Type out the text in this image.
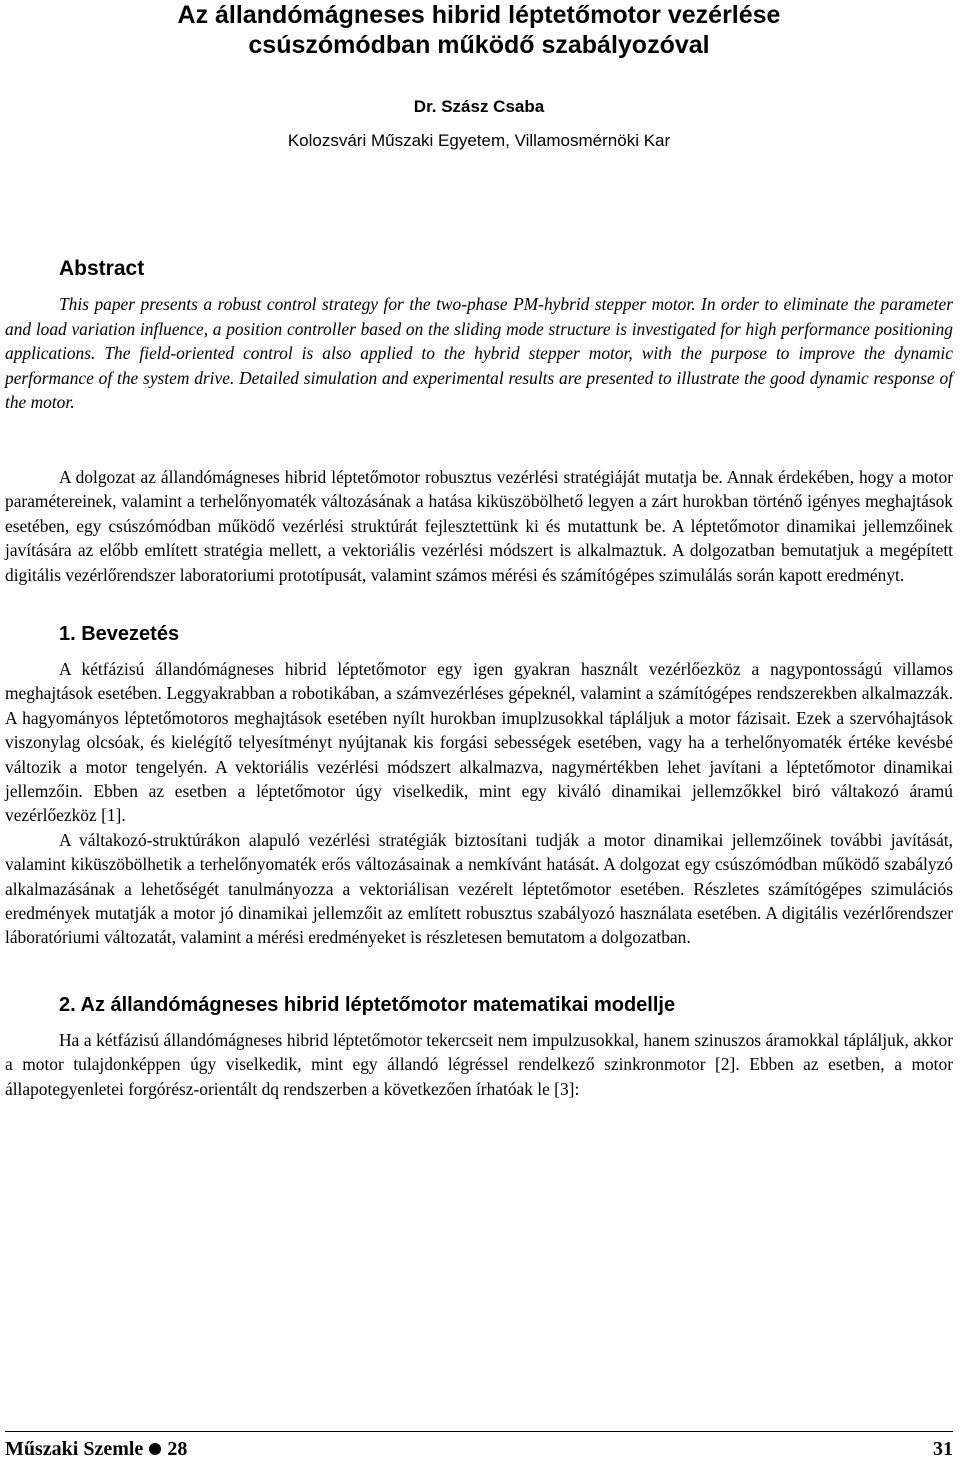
Az állandómágneses hibrid léptetőmotor vezérlése
csúszómódban működő szabályozóval
Dr. Szász Csaba
Kolozsvári Műszaki Egyetem, Villamosmérnöki Kar
Abstract

This paper presents a robust control strategy for the two-phase PM-hybrid stepper motor. In order to eliminate the parameter and load variation influence, a position controller based on the sliding mode structure is investigated for high performance positioning applications. The field-oriented control is also applied to the hybrid stepper motor, with the purpose to improve the dynamic performance of the system drive. Detailed simulation and experimental results are presented to illustrate the good dynamic response of the motor.

A dolgozat az állandómágneses hibrid léptetőmotor robusztus vezérlési stratégiáját mutatja be. Annak érdekében, hogy a motor paramétereinek, valamint a terhelőnyomaték változásának a hatása kiküszöbölhető legyen a zárt hurokban történő igényes meghajtások esetében, egy csúszómódban működő vezérlési struktúrát fejlesztettünk ki és mutattunk be. A léptetőmotor dinamikai jellemzőinek javítására az előbb említett stratégia mellett, a vektoriális vezérlési módszert is alkalmaztuk. A dolgozatban bemutatjuk a megépített digitális vezérlőrendszer laboratoriumi prototípusát, valamint számos mérési és számítógépes szimulálás során kapott eredményt.

1. Bevezetés

A kétfázisú állandómágneses hibrid léptetőmotor egy igen gyakran használt vezérlőezköz a nagypontosságú villamos meghajtások esetében. Leggyakrabban a robotikában, a számvezérléses gépeknél, valamint a számítógépes rendszerekben alkalmazzák. A hagyományos léptetőmotoros meghajtások esetében nyílt hurokban imuplzusokkal tápláljuk a motor fázisait. Ezek a szervóhajtások viszonylag olcsóak, és kielégítő telyesítményt nyújtanak kis forgási sebességek esetében, vagy ha a terhelőnyomaték értéke kevésbé változik a motor tengelyén. A vektoriális vezérlési módszert alkalmazva, nagymértékben lehet javítani a léptetőmotor dinamikai jellemzőin. Ebben az esetben a léptetőmotor úgy viselkedik, mint egy kiváló dinamikai jellemzőkkel biró váltakozó áramú vezérlőezköz [1].

A váltakozó-struktúrákon alapuló vezérlési stratégiák biztosítani tudják a motor dinamikai jellemzőinek további javítását, valamint kiküszöbölhetik a terhelőnyomaték erős változásainak a nemkívánt hatását. A dolgozat egy csúszómódban működő szabályzó alkalmazásának a lehetőségét tanulmányozza a vektoriálisan vezérelt léptetőmotor esetében. Részletes számítógépes szimulációs eredmények mutatják a motor jó dinamikai jellemzőit az említett robusztus szabályozó használata esetében. A digitális vezérlőrendszer láboratóriumi változatát, valamint a mérési eredményeket is részletesen bemutatom a dolgozatban.

2. Az állandómágneses hibrid léptetőmotor matematikai modellje

Ha a kétfázisú állandómágneses hibrid léptetőmotor tekercseit nem impulzusokkal, hanem szinuszos áramokkal tápláljuk, akkor a motor tulajdonképpen úgy viselkedik, mint egy állandó légréssel rendelkező szinkronmotor [2]. Ebben az esetben, a motor állapotegyenletei forgórész-orientált dq rendszerben a következően írhatóak le [3]:

Műszaki Szemle 28	31
